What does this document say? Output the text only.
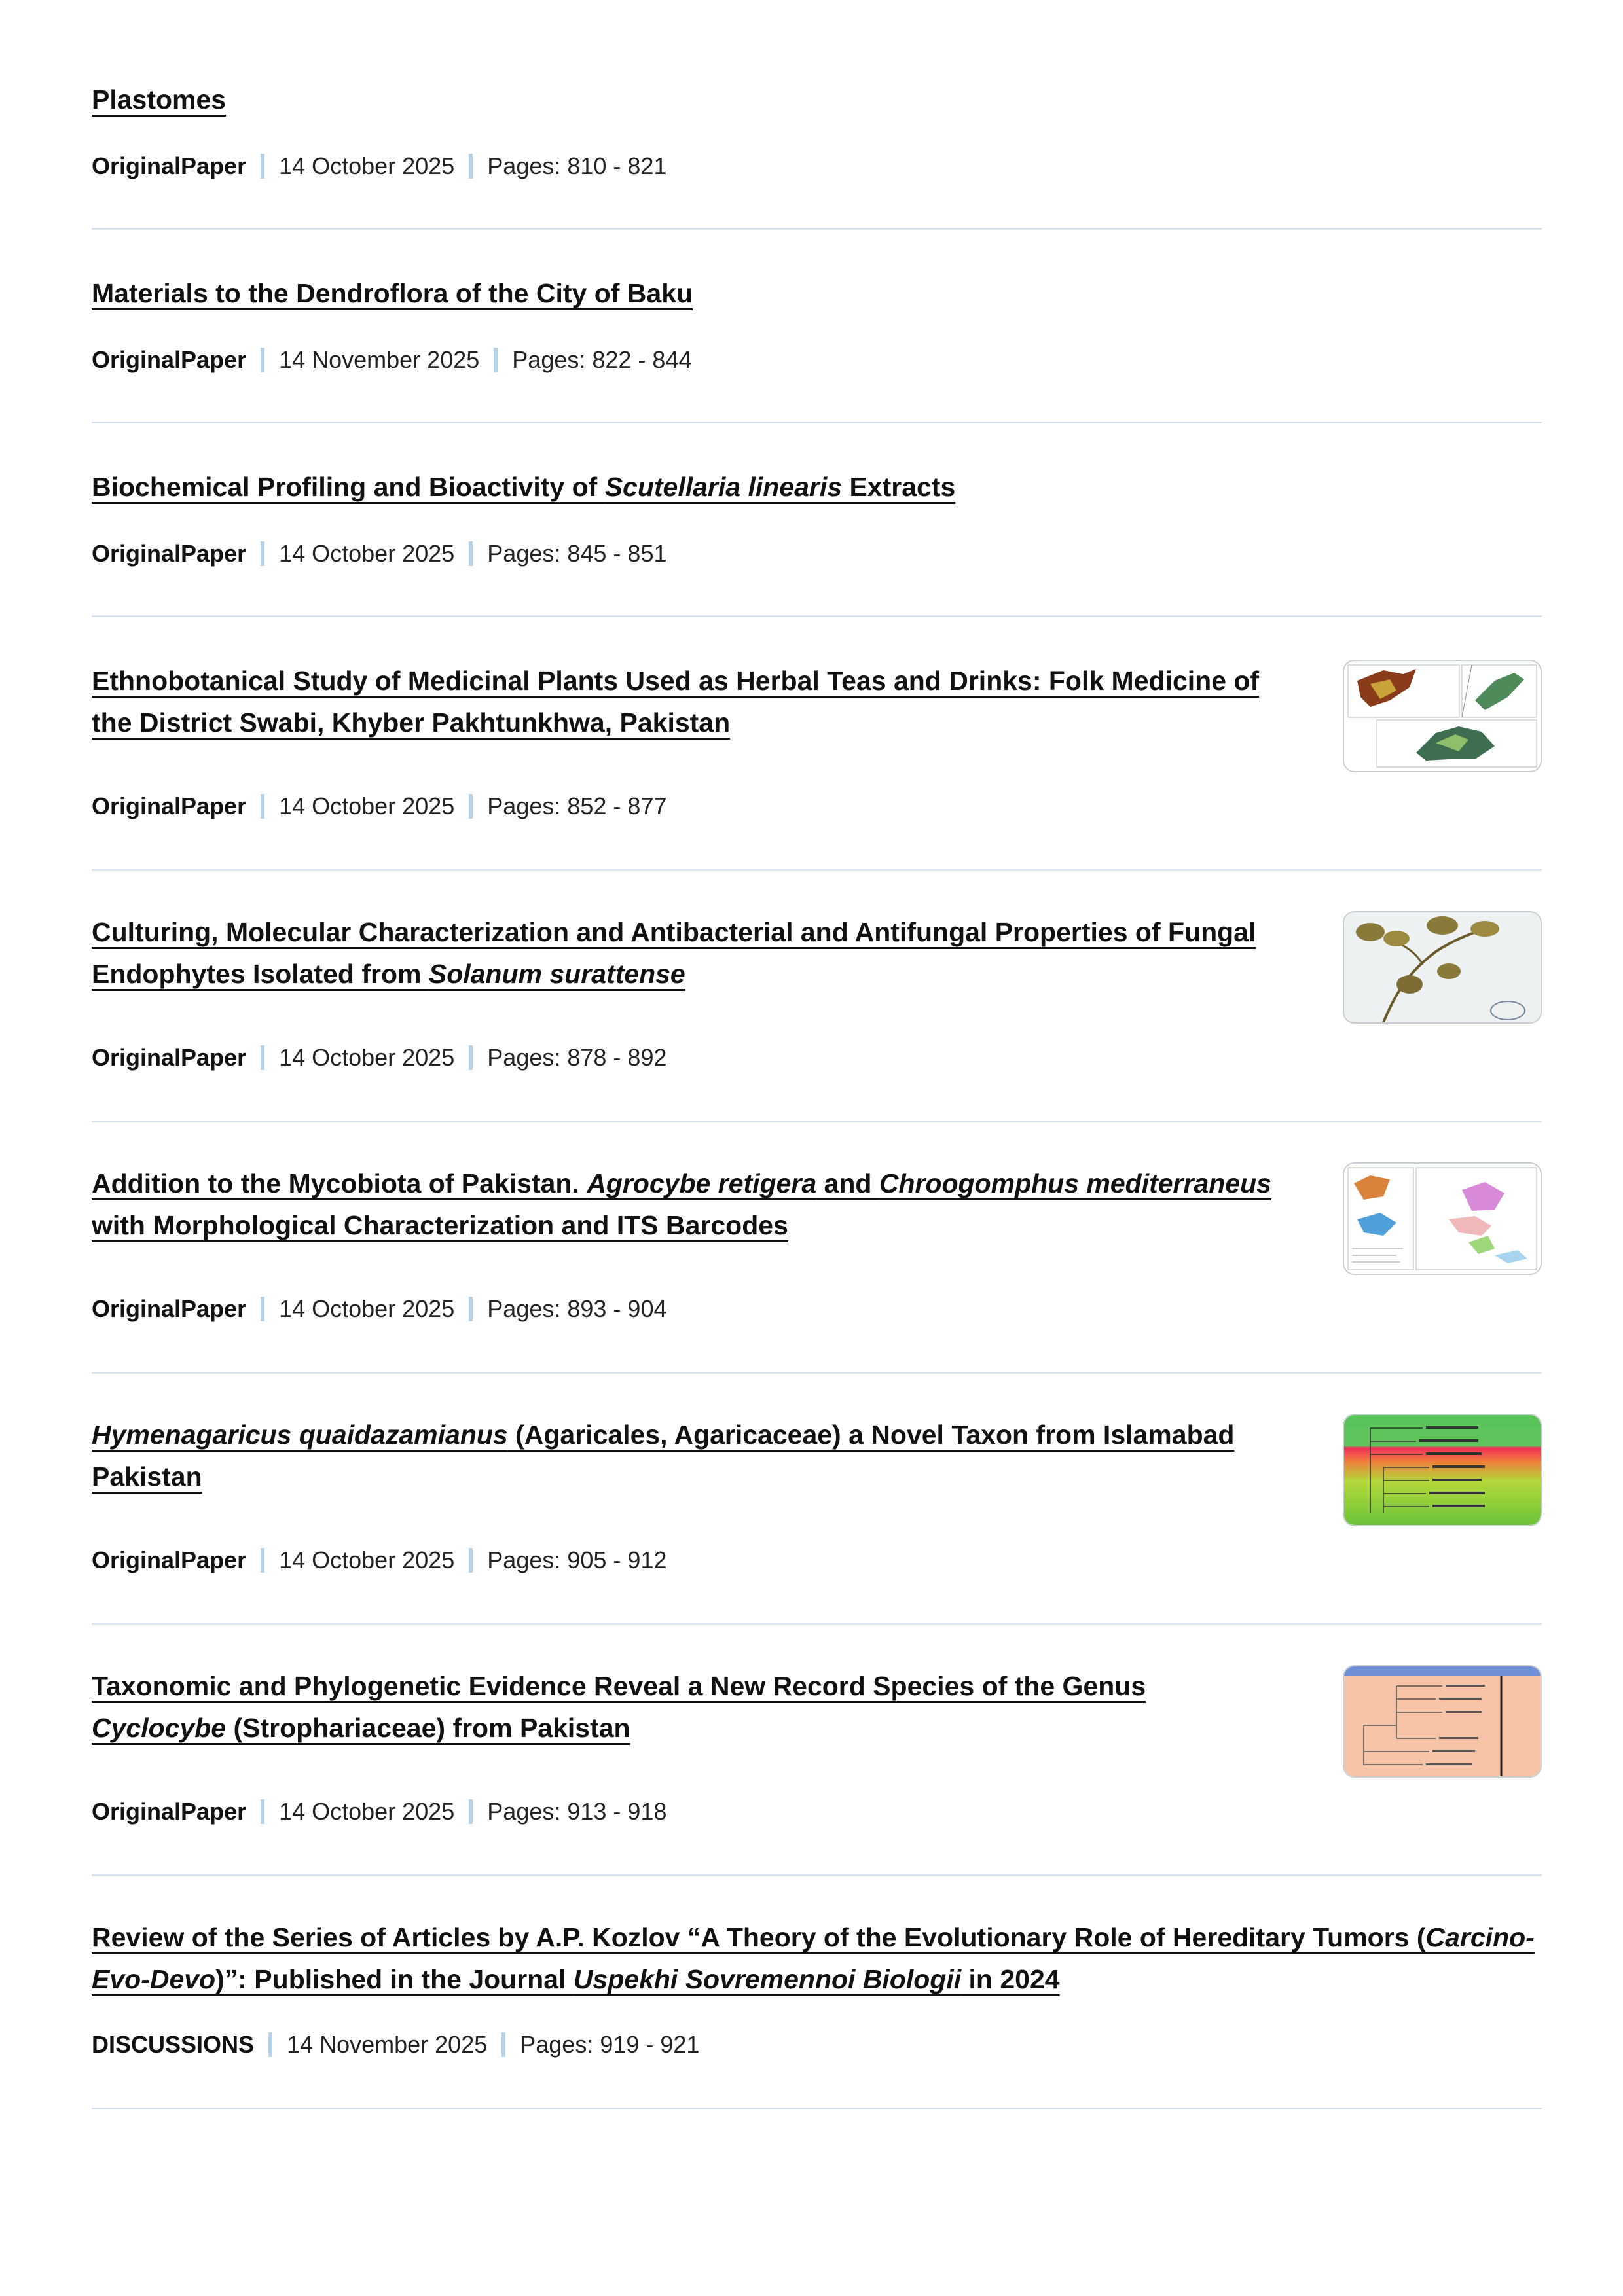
Plastomes
OriginalPaper 14 October 2025 Pages: 810 - 821
Materials to the Dendroflora of the City of Baku
OriginalPaper 14 November 2025 Pages: 822 - 844
Biochemical Profiling and Bioactivity of Scutellaria linearis Extracts
OriginalPaper 14 October 2025 Pages: 845 - 851
Ethnobotanical Study of Medicinal Plants Used as Herbal Teas and Drinks: Folk Medicine of the District Swabi, Khyber Pakhtunkhwa, Pakistan
OriginalPaper 14 October 2025 Pages: 852 - 877
Culturing, Molecular Characterization and Antibacterial and Antifungal Properties of Fungal Endophytes Isolated from Solanum surattense
OriginalPaper 14 October 2025 Pages: 878 - 892
Addition to the Mycobiota of Pakistan. Agrocybe retigera and Chroogomphus mediterraneus with Morphological Characterization and ITS Barcodes
OriginalPaper 14 October 2025 Pages: 893 - 904
Hymenagaricus quaidazamianus (Agaricales, Agaricaceae) a Novel Taxon from Islamabad Pakistan
OriginalPaper 14 October 2025 Pages: 905 - 912
Taxonomic and Phylogenetic Evidence Reveal a New Record Species of the Genus Cyclocybe (Strophariaceae) from Pakistan
OriginalPaper 14 October 2025 Pages: 913 - 918
Review of the Series of Articles by A.P. Kozlov “A Theory of the Evolutionary Role of Hereditary Tumors (Carcino-Evo-Devo)”: Published in the Journal Uspekhi Sovremennoi Biologii in 2024
DISCUSSIONS 14 November 2025 Pages: 919 - 921
